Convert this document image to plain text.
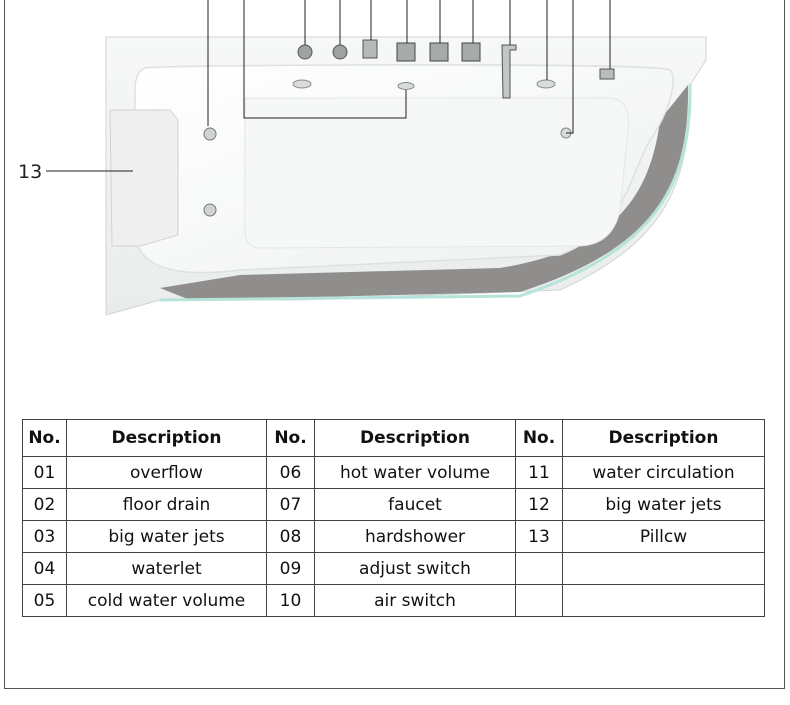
13
No.	Description	No.	Description	No.	Description
01	overflow	06	hot water volume	11	water circulation
02	floor drain	07	faucet	12	big water jets
03	big water jets	08	hardshower	13	Pillcw
04	waterlet	09	adjust switch		
05	cold water volume	10	air switch		
